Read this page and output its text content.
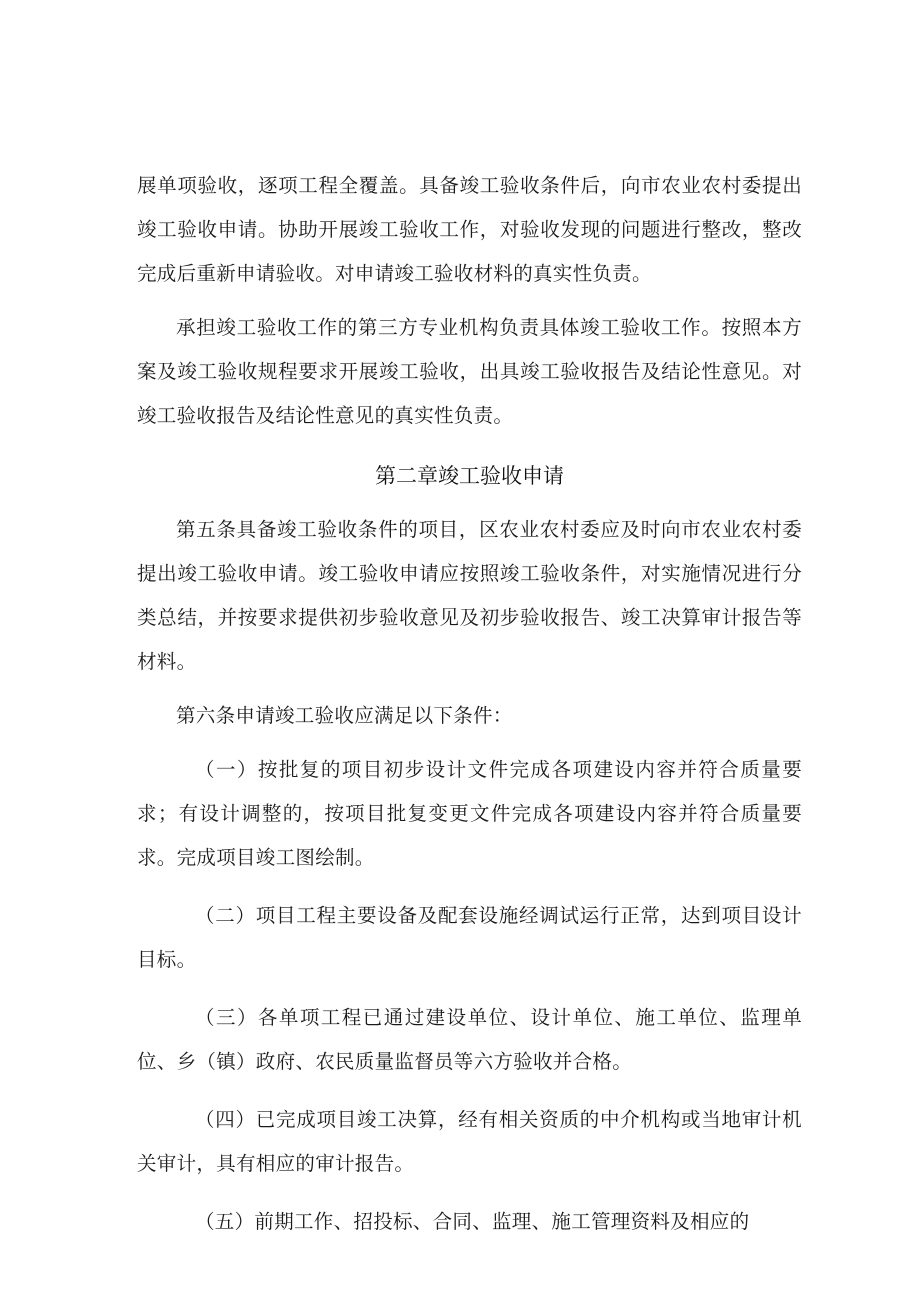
展单项验收，逐项工程全覆盖。具备竣工验收条件后，向市农业农村委提出竣工验收申请。协助开展竣工验收工作，对验收发现的问题进行整改，整改完成后重新申请验收。对申请竣工验收材料的真实性负责。

承担竣工验收工作的第三方专业机构负责具体竣工验收工作。按照本方案及竣工验收规程要求开展竣工验收，出具竣工验收报告及结论性意见。对竣工验收报告及结论性意见的真实性负责。

第二章竣工验收申请

第五条具备竣工验收条件的项目，区农业农村委应及时向市农业农村委提出竣工验收申请。竣工验收申请应按照竣工验收条件，对实施情况进行分类总结，并按要求提供初步验收意见及初步验收报告、竣工决算审计报告等材料。

第六条申请竣工验收应满足以下条件：

（一）按批复的项目初步设计文件完成各项建设内容并符合质量要求；有设计调整的，按项目批复变更文件完成各项建设内容并符合质量要求。完成项目竣工图绘制。

（二）项目工程主要设备及配套设施经调试运行正常，达到项目设计目标。

（三）各单项工程已通过建设单位、设计单位、施工单位、监理单位、乡（镇）政府、农民质量监督员等六方验收并合格。

（四）已完成项目竣工决算，经有相关资质的中介机构或当地审计机关审计，具有相应的审计报告。

（五）前期工作、招投标、合同、监理、施工管理资料及相应的
